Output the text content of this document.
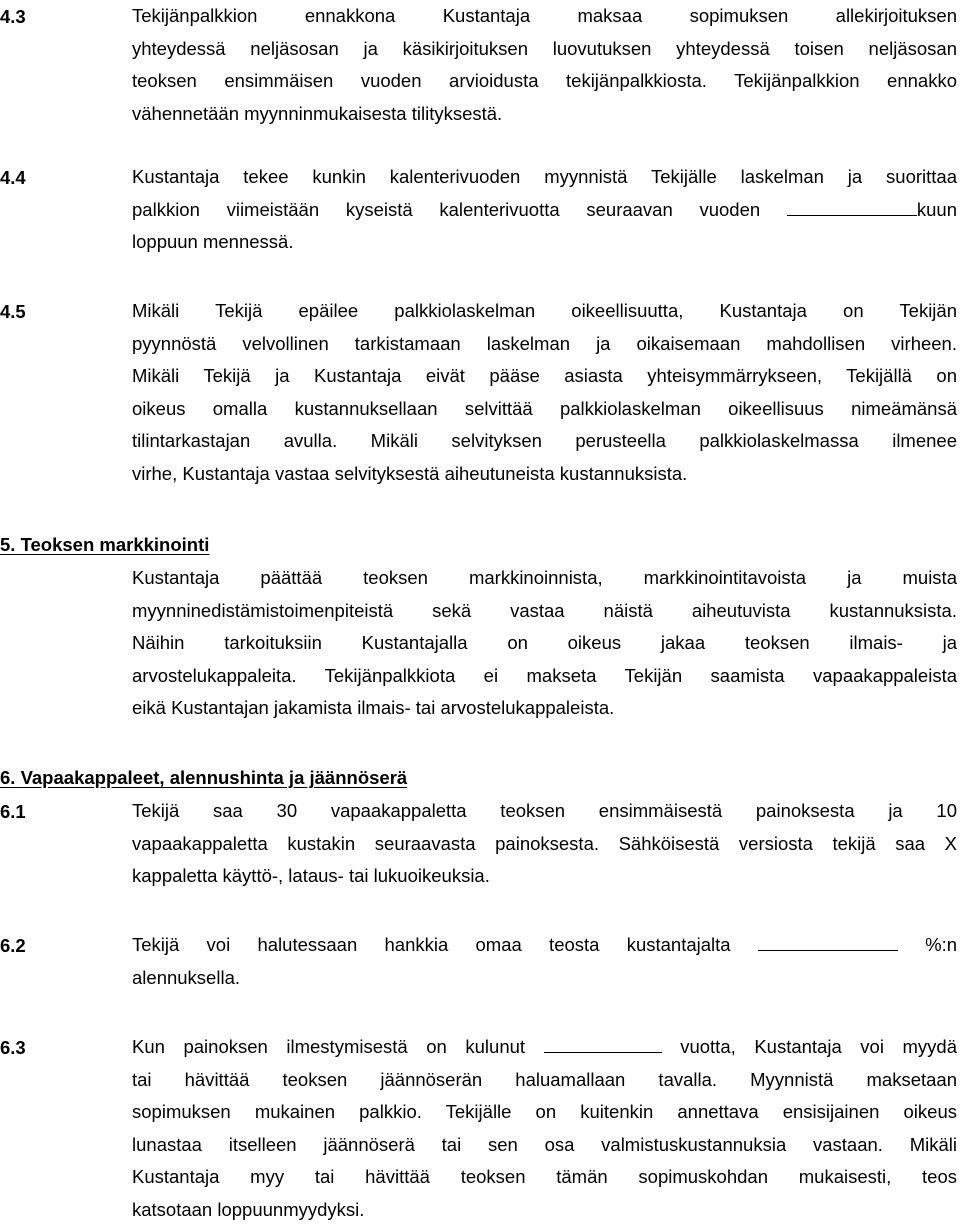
4.3	Tekijänpalkkion ennakkona Kustantaja maksaa sopimuksen allekirjoituksen
yhteydessä neljäsosan ja käsikirjoituksen luovutuksen yhteydessä toisen neljäsosan
teoksen ensimmäisen vuoden arvioidusta tekijänpalkkiosta. Tekijänpalkkion ennakko
vähennetään myynninmukaisesta tilityksestä.
4.4	Kustantaja tekee kunkin kalenterivuoden myynnistä Tekijälle laskelman ja suorittaa
palkkion viimeistään kyseistä kalenterivuotta seuraavan vuoden	kuun
loppuun mennessä.
4.5	Mikäli Tekijä epäilee palkkiolaskelman oikeellisuutta, Kustantaja on Tekijän
pyynnöstä velvollinen tarkistamaan laskelman ja oikaisemaan mahdollisen virheen.
Mikäli Tekijä ja Kustantaja eivät pääse asiasta yhteisymmärrykseen, Tekijällä on
oikeus omalla kustannuksellaan selvittää palkkiolaskelman oikeellisuus nimeämänsä
tilintarkastajan avulla. Mikäli selvityksen perusteella palkkiolaskelmassa ilmenee
virhe, Kustantaja vastaa selvityksestä aiheutuneista kustannuksista.
5. Teoksen markkinointi
Kustantaja päättää teoksen markkinoinnista, markkinointitavoista ja muista
myynninedistämistoimenpiteistä sekä vastaa näistä aiheutuvista kustannuksista.
Näihin tarkoituksiin Kustantajalla on oikeus jakaa teoksen ilmais- ja
arvostelukappaleita. Tekijänpalkkiota ei makseta Tekijän saamista vapaakappaleista
eikä Kustantajan jakamista ilmais- tai arvostelukappaleista.
6. Vapaakappaleet, alennushinta ja jäännöserä
6.1	Tekijä saa 30 vapaakappaletta teoksen ensimmäisestä painoksesta ja 10
vapaakappaletta kustakin seuraavasta painoksesta. Sähköisestä versiosta tekijä saa X
kappaletta käyttö-, lataus- tai lukuoikeuksia.
6.2	Tekijä voi halutessaan hankkia omaa teosta kustantajalta	%:n
alennuksella.
6.3	Kun painoksen ilmestymisestä on kulunut	vuotta, Kustantaja voi myydä
tai hävittää teoksen jäännöserän haluamallaan tavalla. Myynnistä maksetaan
sopimuksen mukainen palkkio. Tekijälle on kuitenkin annettava ensisijainen oikeus
lunastaa itselleen jäännöserä tai sen osa valmistuskustannuksia vastaan. Mikäli
Kustantaja myy tai hävittää teoksen tämän sopimuskohdan mukaisesti, teos
katsotaan loppuunmyydyksi.
